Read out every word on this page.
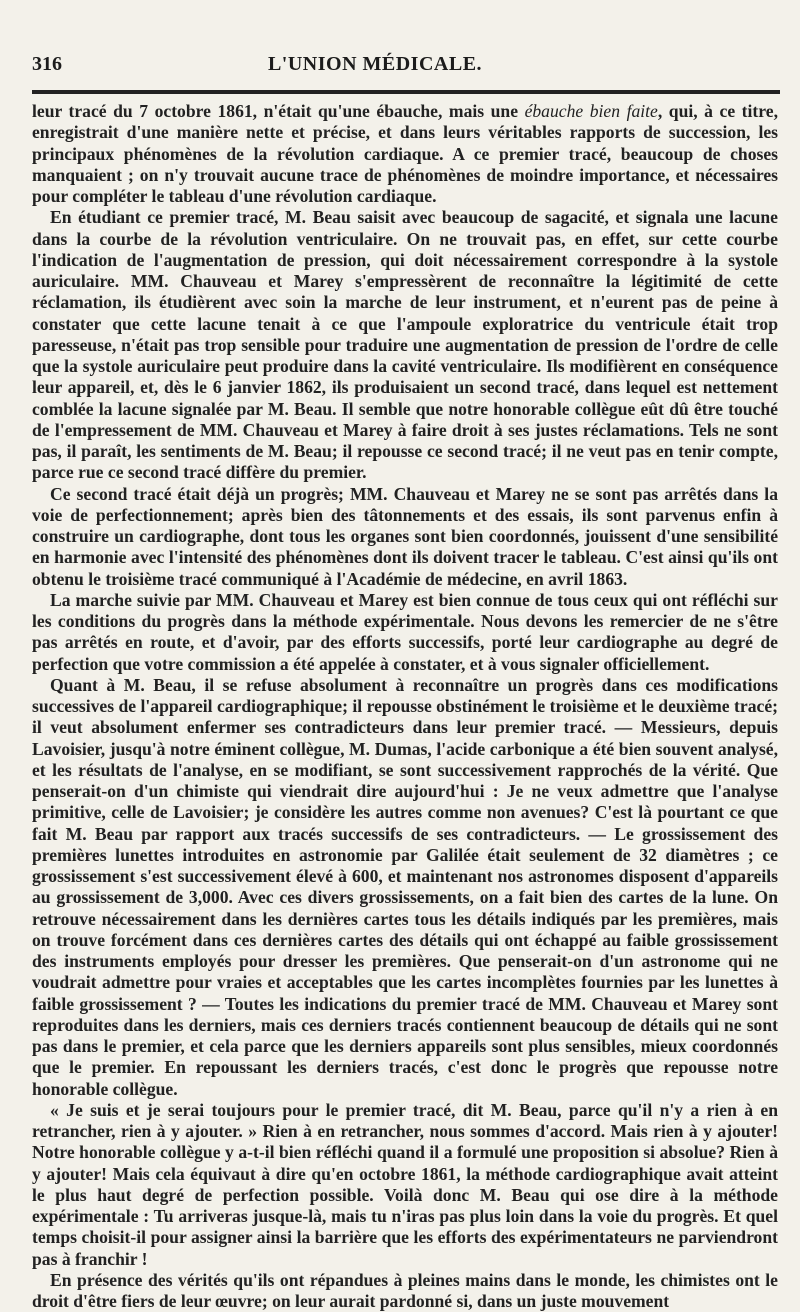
316	L'UNION MÉDICALE.

leur tracé du 7 octobre 1861, n'était qu'une ébauche, mais une ébauche bien faite, qui, à ce titre, enregistrait d'une manière nette et précise, et dans leurs véritables rapports de succession, les principaux phénomènes de la révolution cardiaque. A ce premier tracé, beaucoup de choses manquaient ; on n'y trouvait aucune trace de phénomènes de moindre importance, et nécessaires pour compléter le tableau d'une révolution cardiaque.

En étudiant ce premier tracé, M. Beau saisit avec beaucoup de sagacité, et signala une lacune dans la courbe de la révolution ventriculaire. On ne trouvait pas, en effet, sur cette courbe l'indication de l'augmentation de pression, qui doit nécessairement correspondre à la systole auriculaire. MM. Chauveau et Marey s'empressèrent de reconnaître la légitimité de cette réclamation, ils étudièrent avec soin la marche de leur instrument, et n'eurent pas de peine à constater que cette lacune tenait à ce que l'ampoule exploratrice du ventricule était trop paresseuse, n'était pas trop sensible pour traduire une augmentation de pression de l'ordre de celle que la systole auriculaire peut produire dans la cavité ventriculaire. Ils modifièrent en conséquence leur appareil, et, dès le 6 janvier 1862, ils produisaient un second tracé, dans lequel est nettement comblée la lacune signalée par M. Beau. Il semble que notre honorable collègue eût dû être touché de l'empressement de MM. Chauveau et Marey à faire droit à ses justes réclamations. Tels ne sont pas, il paraît, les sentiments de M. Beau; il repousse ce second tracé; il ne veut pas en tenir compte, parce rue ce second tracé diffère du premier.

Ce second tracé était déjà un progrès; MM. Chauveau et Marey ne se sont pas arrêtés dans la voie de perfectionnement; après bien des tâtonnements et des essais, ils sont parvenus enfin à construire un cardiographe, dont tous les organes sont bien coordonnés, jouissent d'une sensibilité en harmonie avec l'intensité des phénomènes dont ils doivent tracer le tableau. C'est ainsi qu'ils ont obtenu le troisième tracé communiqué à l'Académie de médecine, en avril 1863.

La marche suivie par MM. Chauveau et Marey est bien connue de tous ceux qui ont réfléchi sur les conditions du progrès dans la méthode expérimentale. Nous devons les remercier de ne s'être pas arrêtés en route, et d'avoir, par des efforts successifs, porté leur cardiographe au degré de perfection que votre commission a été appelée à constater, et à vous signaler officiellement.

Quant à M. Beau, il se refuse absolument à reconnaître un progrès dans ces modifications successives de l'appareil cardiographique; il repousse obstinément le troisième et le deuxième tracé; il veut absolument enfermer ses contradicteurs dans leur premier tracé. — Messieurs, depuis Lavoisier, jusqu'à notre éminent collègue, M. Dumas, l'acide carbonique a été bien souvent analysé, et les résultats de l'analyse, en se modifiant, se sont successivement rapprochés de la vérité. Que penserait-on d'un chimiste qui viendrait dire aujourd'hui : Je ne veux admettre que l'analyse primitive, celle de Lavoisier; je considère les autres comme non avenues? C'est là pourtant ce que fait M. Beau par rapport aux tracés successifs de ses contradicteurs. — Le grossissement des premières lunettes introduites en astronomie par Galilée était seulement de 32 diamètres ; ce grossissement s'est successivement élevé à 600, et maintenant nos astronomes disposent d'appareils au grossissement de 3,000. Avec ces divers grossissements, on a fait bien des cartes de la lune. On retrouve nécessairement dans les dernières cartes tous les détails indiqués par les premières, mais on trouve forcément dans ces dernières cartes des détails qui ont échappé au faible grossissement des instruments employés pour dresser les premières. Que penserait-on d'un astronome qui ne voudrait admettre pour vraies et acceptables que les cartes incomplètes fournies par les lunettes à faible grossissement ? — Toutes les indications du premier tracé de MM. Chauveau et Marey sont reproduites dans les derniers, mais ces derniers tracés contiennent beaucoup de détails qui ne sont pas dans le premier, et cela parce que les derniers appareils sont plus sensibles, mieux coordonnés que le premier. En repoussant les derniers tracés, c'est donc le progrès que repousse notre honorable collègue.

« Je suis et je serai toujours pour le premier tracé, dit M. Beau, parce qu'il n'y a rien à en retrancher, rien à y ajouter. » Rien à en retrancher, nous sommes d'accord. Mais rien à y ajouter! Notre honorable collègue y a-t-il bien réfléchi quand il a formulé une proposition si absolue? Rien à y ajouter! Mais cela équivaut à dire qu'en octobre 1861, la méthode cardiographique avait atteint le plus haut degré de perfection possible. Voilà donc M. Beau qui ose dire à la méthode expérimentale : Tu arriveras jusque-là, mais tu n'iras pas plus loin dans la voie du progrès. Et quel temps choisit-il pour assigner ainsi la barrière que les efforts des expérimentateurs ne parviendront pas à franchir !

En présence des vérités qu'ils ont répandues à pleines mains dans le monde, les chimistes ont le droit d'être fiers de leur œuvre; on leur aurait pardonné si, dans un juste mouvement
